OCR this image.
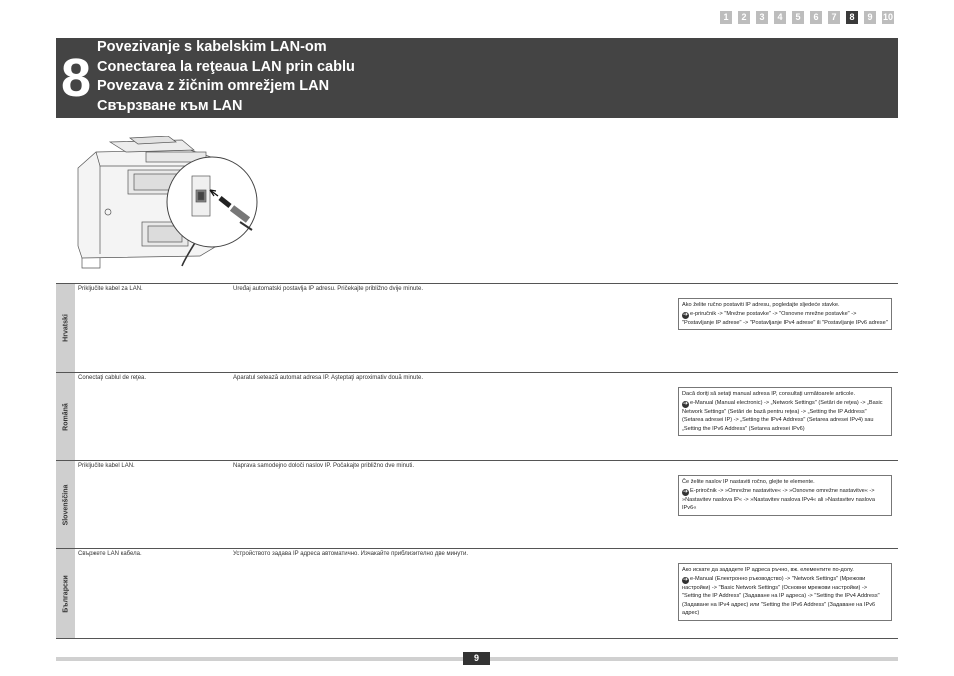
1	2	3	4	5	6	7	8	9	10
8
Povezivanje s kabelskim LAN-om
Conectarea la reţeaua LAN prin cablu
Povezava z žičnim omrežjem LAN
Свързване към LAN
Hrvatski
Priključite kabel za LAN.	Uređaj automatski postavlja IP adresu. Pričekajte približno dvije minute.
Ako želite ručno postaviti IP adresu, pogledajte sljedeće stavke.
➔ e-priručnik -> "Mrežne postavke" -> "Osnovne mrežne postavke" -> "Postavljanje IP adrese" -> "Postavljanje IPv4 adrese" ili "Postavljanje IPv6 adrese"
Română
Conectaţi cablul de reţea.	Aparatul setează automat adresa IP. Aşteptaţi aproximativ două minute.
Dacă doriţi să setaţi manual adresa IP, consultaţi următoarele articole.
➔ e-Manual (Manual electronic) -> „Network Settings" (Setări de reţea) -> „Basic Network Settings" (Setări de bază pentru reţea) -> „Setting the IP Address" (Setarea adresei IP) -> „Setting the IPv4 Address" (Setarea adresei IPv4) sau „Setting the IPv6 Address" (Setarea adresei IPv6)
Slovenščina
Priključite kabel LAN.	Naprava samodejno določi naslov IP. Počakajte približno dve minuti.
Če želite naslov IP nastaviti ročno, glejte te elemente.
➔ E-priročnik -> »Omrežne nastavitve« -> »Osnovne omrežne nastavitve« -> »Nastavitev naslova IP« -> »Nastavitev naslova IPv4« ali »Nastavitev naslova IPv6«
Български
Свържете LAN кабела.	Устройството задава IP адреса автоматично. Изчакайте приблизително две минути.
Ако искате да зададете IP адреса ръчно, вж. елементите по-долу.
➔ e-Manual (Електронно ръководство) -> "Network Settings" (Мрежови настройки) -> "Basic Network Settings" (Основни мрежови настройки) -> "Setting the IP Address" (Задаване на IP адреса) -> "Setting the IPv4 Address" (Задаване на IPv4 адрес) или "Setting the IPv6 Address" (Задаване на IPv6 адрес)
9
